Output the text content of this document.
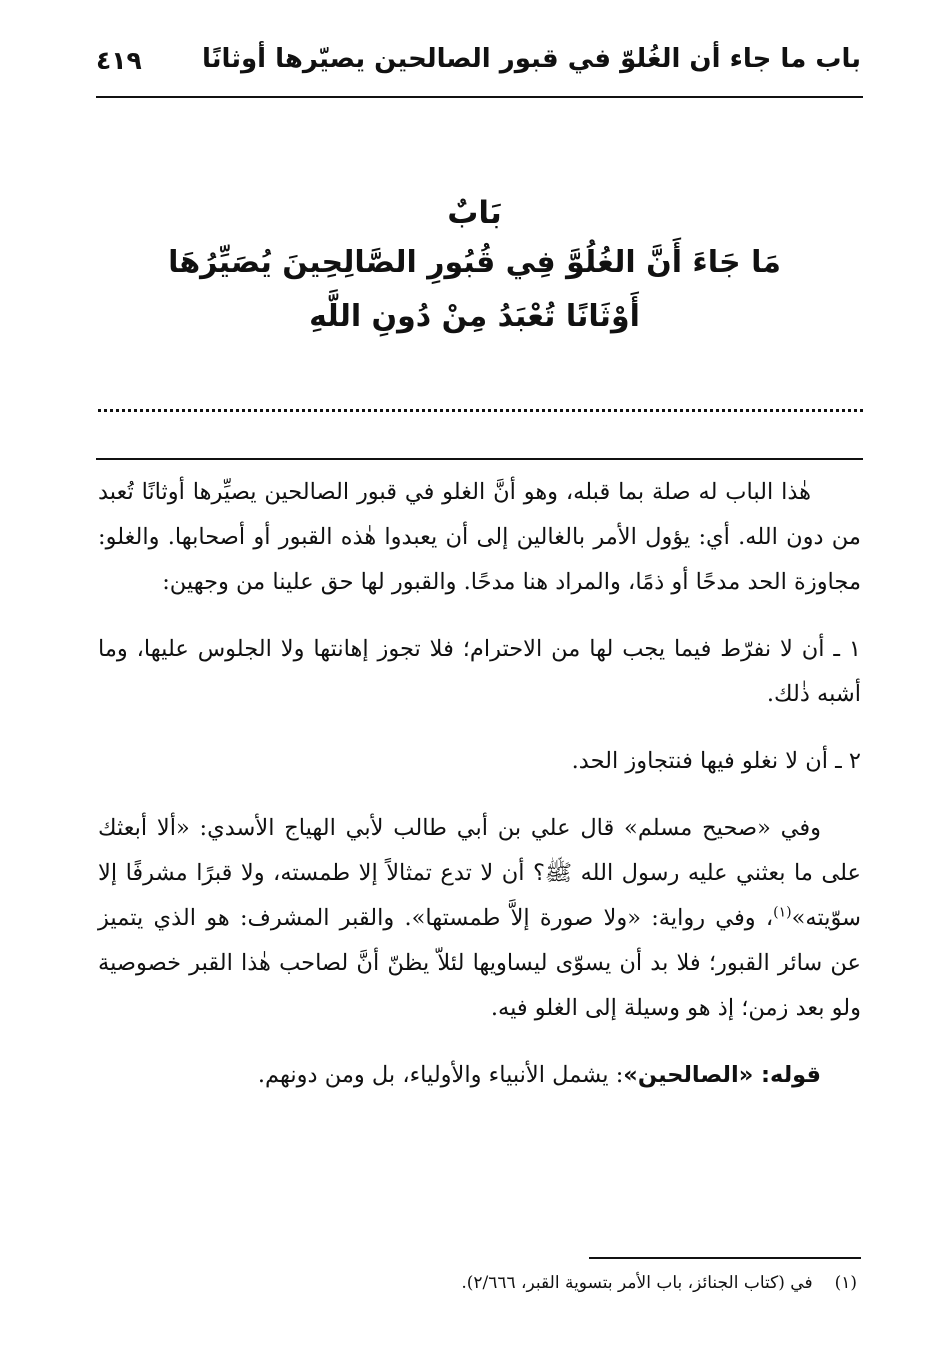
باب ما جاء أن الغُلوّ في قبور الصالحين يصيّرها أوثانًا
٤١٩
بَابٌ
مَا جَاءَ أَنَّ الغُلُوَّ فِي قُبُورِ الصَّالِحِينَ يُصَيِّرُهَا
أَوْثَانًا تُعْبَدُ مِنْ دُونِ اللَّهِ

هٰذا الباب له صلة بما قبله، وهو أنَّ الغلو في قبور الصالحين يصيِّرها أوثانًا تُعبد من دون الله. أي: يؤول الأمر بالغالين إلى أن يعبدوا هٰذه القبور أو أصحابها. والغلو: مجاوزة الحد مدحًا أو ذمًا، والمراد هنا مدحًا. والقبور لها حق علينا من وجهين:

١ ـ أن لا نفرّط فيما يجب لها من الاحترام؛ فلا تجوز إهانتها ولا الجلوس عليها، وما أشبه ذٰلك.

٢ ـ أن لا نغلو فيها فنتجاوز الحد.

وفي «صحيح مسلم» قال علي بن أبي طالب لأبي الهياج الأسدي: «ألا أبعثك على ما بعثني عليه رسول الله ﷺ؟ أن لا تدع تمثالاً إلا طمسته، ولا قبرًا مشرفًا إلا سوّيته»$^{(١)}$، وفي رواية: «ولا صورة إلاَّ طمستها». والقبر المشرف: هو الذي يتميز عن سائر القبور؛ فلا بد أن يسوّى ليساويها لئلاّ يظنّ أنَّ لصاحب هٰذا القبر خصوصية ولو بعد زمن؛ إذ هو وسيلة إلى الغلو فيه.

قوله: «الصالحين»: يشمل الأنبياء والأولياء، بل ومن دونهم.

(١)في (كتاب الجنائز، باب الأمر بتسوية القبر، ٢/٦٦٦).
